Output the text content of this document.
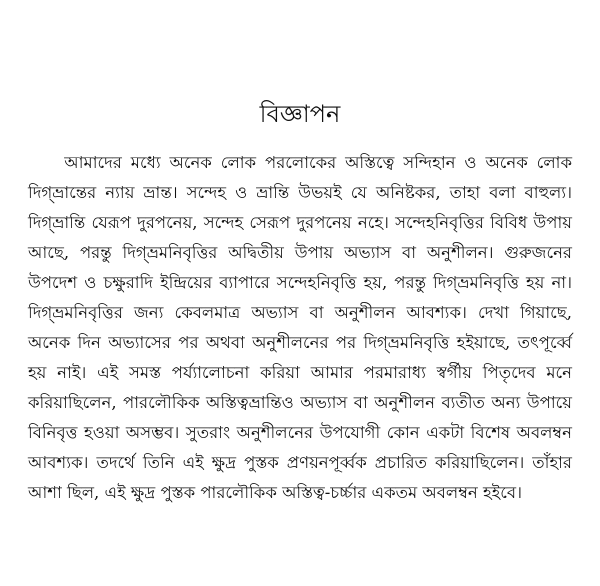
বিজ্ঞাপন

আমাদের মধ্যে অনেক লোক পরলোকের অস্তিত্বে সন্দিহান ও অনেক লোক দিগ্‌ভ্রান্তের ন্যায় ভ্রান্ত। সন্দেহ ও ভ্রান্তি উভয়ই যে অনিষ্টকর, তাহা বলা বাহুল্য। দিগ্‌ভ্রান্তি যেরূপ দুরপনেয়, সন্দেহ সেরূপ দুরপনেয় নহে। সন্দেহনিবৃত্তির বিবিধ উপায় আছে, পরন্তু দিগ্‌ভ্রমনিবৃত্তির অদ্বিতীয় উপায় অভ্যাস বা অনুশীলন। গুরুজনের উপদেশ ও চক্ষুরাদি ইন্দ্রিয়ের ব্যাপারে সন্দেহনিবৃত্তি হয়, পরন্তু দিগ্‌ভ্রমনিবৃত্তি হয় না। দিগ্‌ভ্রমনিবৃত্তির জন্য কেবলমাত্র অভ্যাস বা অনুশীলন আবশ্যক। দেখা গিয়াছে, অনেক দিন অভ্যাসের পর অথবা অনুশীলনের পর দিগ্‌ভ্রমনিবৃত্তি হইয়াছে, তৎপূর্ব্বে হয় নাই। এই সমস্ত পর্য্যালোচনা করিয়া আমার পরমারাধ্য স্বর্গীয় পিতৃদেব মনে করিয়াছিলেন, পারলৌকিক অস্তিত্বভ্রান্তিও অভ্যাস বা অনুশীলন ব্যতীত অন্য উপায়ে বিনিবৃত্ত হওয়া অসম্ভব। সুতরাং অনুশীলনের উপযোগী কোন একটা বিশেষ অবলম্বন আবশ্যক। তদর্থে তিনি এই ক্ষুদ্র পুস্তক প্রণয়নপূর্ব্বক প্রচারিত করিয়াছিলেন। তাঁহার আশা ছিল, এই ক্ষুদ্র পুস্তক পারলৌকিক অস্তিত্ব-চর্চ্চার একতম অবলম্বন হইবে।
